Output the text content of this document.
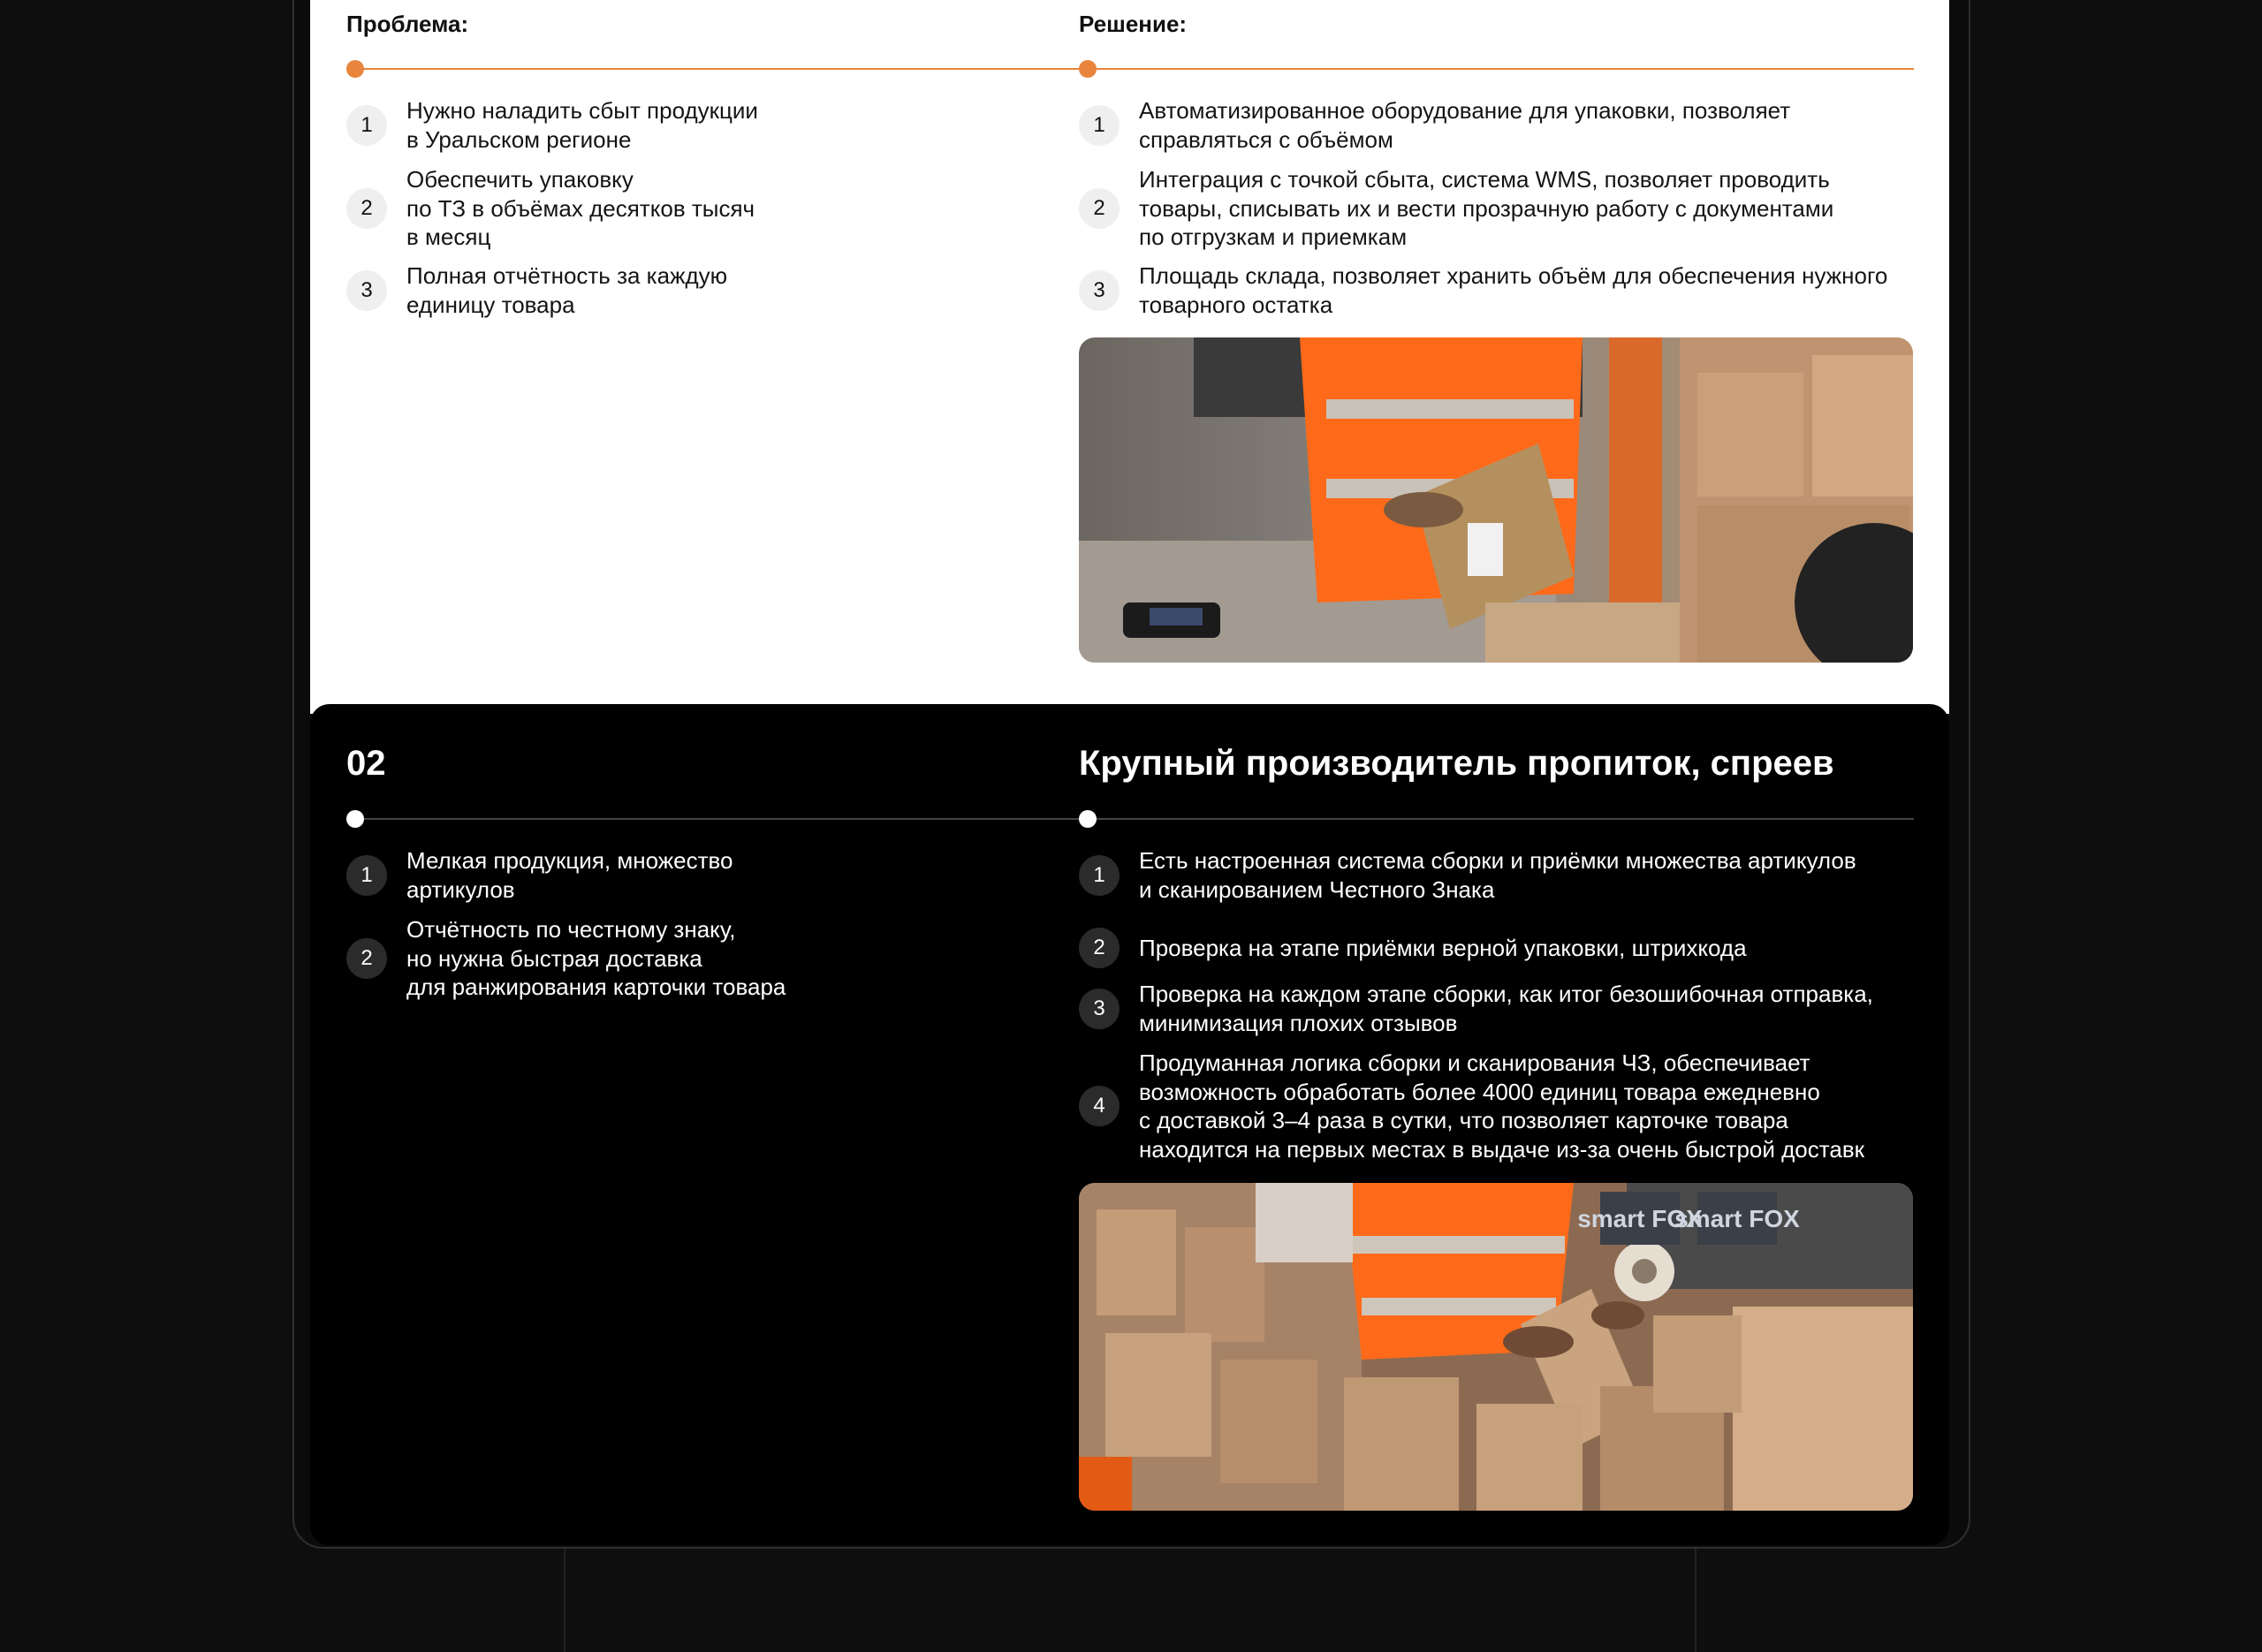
Проблема:	Решение:
1
Нужно наладить сбыт продукции
в Уральском регионе
2
Обеспечить упаковку
по ТЗ в объёмах десятков тысяч
в месяц
3
Полная отчётность за каждую
единицу товара
1
Автоматизированное оборудование для упаковки, позволяет
справляться с объёмом
2
Интеграция с точкой сбыта, система WMS, позволяет проводить
товары, списывать их и вести прозрачную работу с документами
по отгрузкам и приемкам
3
Площадь склада, позволяет хранить объём для обеспечения нужного
товарного остатка
02	Крупный производитель пропиток, спреев
1
Мелкая продукция, множество
артикулов
2
Отчётность по честному знаку,
но нужна быстрая доставка
для ранжирования карточки товара
1
Есть настроенная система сборки и приёмки множества артикулов
и сканированием Честного Знака
2	Проверка на этапе приёмки верной упаковки, штрихкода
3
Проверка на каждом этапе сборки, как итог безошибочная отправка,
минимизация плохих отзывов
4
Продуманная логика сборки и сканирования ЧЗ, обеспечивает
возможность обработать более 4000 единиц товара ежедневно
с доставкой 3–4 раза в сутки, что позволяет карточке товара
находится на первых местах в выдаче из-за очень быстрой доставк
smart FOX
smart FOX
